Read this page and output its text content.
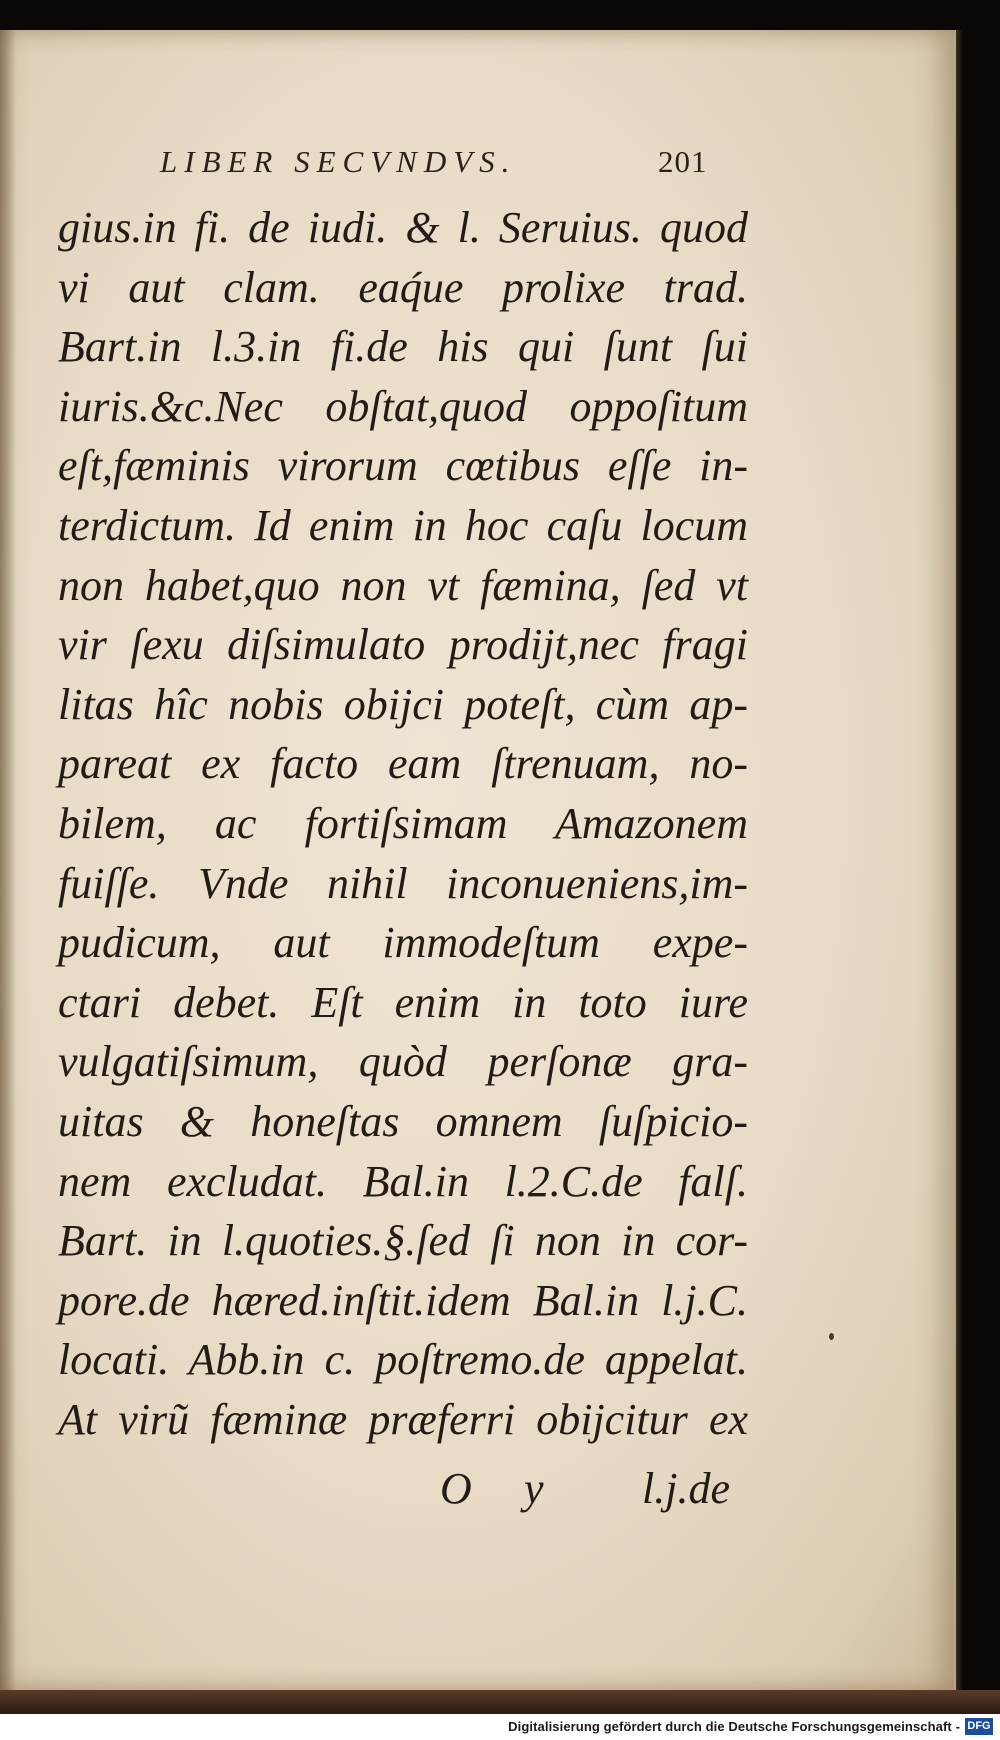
LIBER SECVNDVS.	201
gius.in fi. de iudi. & l. Seruius. quod
vi aut clam. eaq́ue prolixe trad.
Bart.in l.3.in fi.de his qui ſunt ſui
iuris.&c.Nec obſtat,quod oppoſitum
eſt,fæminis virorum cœtibus eſſe in-
terdictum. Id enim in hoc caſu locum
non habet,quo non vt fæmina, ſed vt
vir ſexu diſsimulato prodijt,nec fragi
litas hîc nobis obijci poteſt, cùm ap-
pareat ex facto eam ſtrenuam, no-
bilem, ac fortiſsimam Amazonem
fuiſſe. Vnde nihil inconueniens,im-
pudicum, aut immodeſtum expe-
ctari debet. Eſt enim in toto iure
vulgatiſsimum, quòd perſonæ gra-
uitas & honeſtas omnem ſuſpicio-
nem excludat. Bal.in l.2.C.de falſ.
Bart. in l.quoties.§.ſed ſi non in cor-
pore.de hæred.inſtit.idem Bal.in l.j.C.
locati. Abb.in c. poſtremo.de appelat.
At virũ fæminæ præferri obijcitur ex
O y l.j.de
Digitalisierung gefördert durch die Deutsche Forschungsgemeinschaft - DFG
